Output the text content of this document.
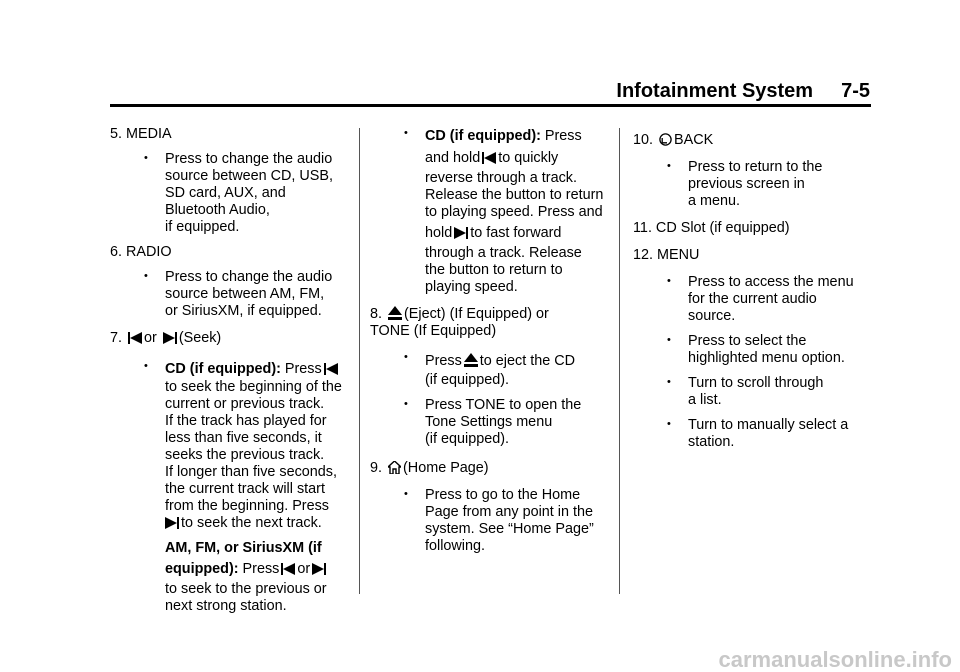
Infotainment System 7-5
5. MEDIA
• Press to change the audio
source between CD, USB,
SD card, AUX, and
Bluetooth Audio,
if equipped.
6. RADIO
• Press to change the audio
source between AM, FM,
or SiriusXM, if equipped.
7. or (Seek)
• CD (if equipped): Press
to seek the beginning of the
current or previous track.
If the track has played for
less than five seconds, it
seeks the previous track.
If longer than five seconds,
the current track will start
from the beginning. Press
to seek the next track.
AM, FM, or SiriusXM (if
equipped): Press or
to seek to the previous or
next strong station.
• CD (if equipped): Press
and hold to quickly
reverse through a track.
Release the button to return
to playing speed. Press and
hold to fast forward
through a track. Release
the button to return to
playing speed.
8. (Eject) (If Equipped) or
TONE (If Equipped)
• Press to eject the CD
(if equipped).
• Press TONE to open the
Tone Settings menu
(if equipped).
9. (Home Page)
• Press to go to the Home
Page from any point in the
system. See “Home Page”
following.
10. BACK
• Press to return to the
previous screen in
a menu.
11. CD Slot (if equipped)
12. MENU
• Press to access the menu
for the current audio
source.
• Press to select the
highlighted menu option.
• Turn to scroll through
a list.
• Turn to manually select a
station.
carmanualsonline.info
